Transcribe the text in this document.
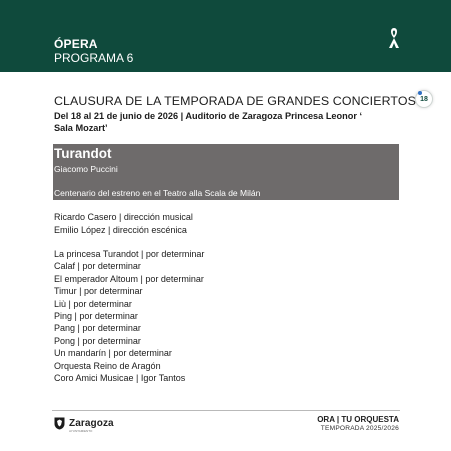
ÓPERA
PROGRAMA 6
18
CLAUSURA DE LA TEMPORADA DE GRANDES CONCIERTOS
Del 18 al 21 de junio de 2026 | Auditorio de Zaragoza Princesa Leonor ‘ Sala Mozart’
Turandot
Giacomo Puccini
Centenario del estreno en el Teatro alla Scala de Milán
Ricardo Casero | dirección musical
Emilio López | dirección escénica
La princesa Turandot | por determinar
Calaf | por determinar
El emperador Altoum | por determinar
Timur | por determinar
Liù | por determinar
Ping | por determinar
Pang | por determinar
Pong | por determinar
Un mandarín | por determinar
Orquesta Reino de Aragón
Coro Amici Musicae | Igor Tantos
Zaragoza
AYUNTAMIENTO
ORA | TU ORQUESTA
TEMPORADA 2025/2026
